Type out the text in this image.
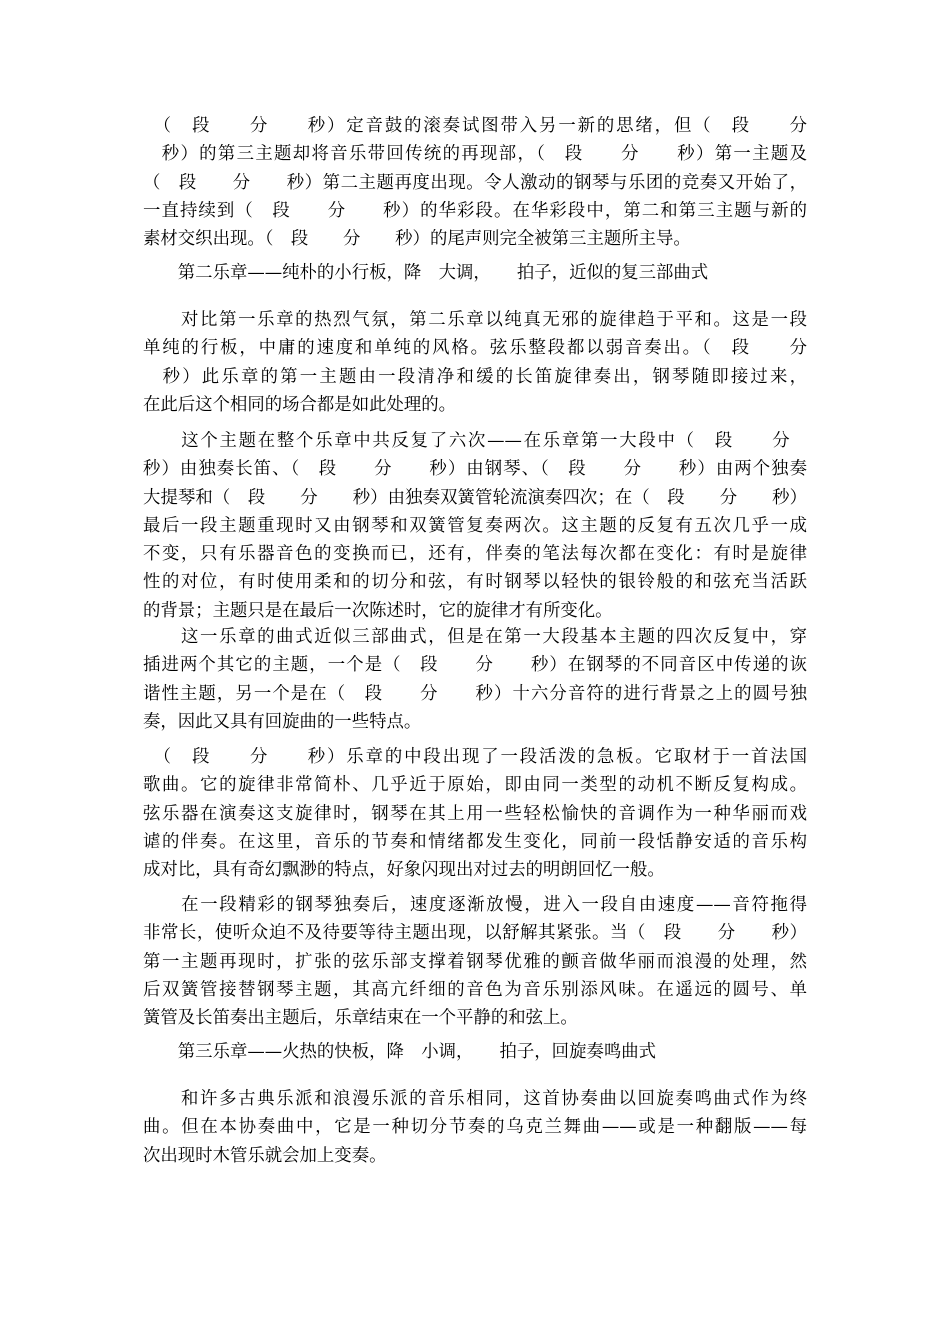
　（　段　　分　　秒）定音鼓的滚奏试图带入另一新的思绪，但（　段　　分
　秒）的第三主题却将音乐带回传统的再现部，（　段　　分　　秒）第一主题及
（　段　　分　　秒）第二主题再度出现。令人激动的钢琴与乐团的竞奏又开始了，
一直持续到（　段　　分　　秒）的华彩段。在华彩段中，第二和第三主题与新的
素材交织出现。（　段　　分　　秒）的尾声则完全被第三主题所主导。
　　第二乐章——纯朴的小行板，降　大调，　　拍子，近似的复三部曲式
　　对比第一乐章的热烈气氛，第二乐章以纯真无邪的旋律趋于平和。这是一段
单纯的行板，中庸的速度和单纯的风格。弦乐整段都以弱音奏出。（　段　　分
　秒）此乐章的第一主题由一段清净和缓的长笛旋律奏出，钢琴随即接过来，
在此后这个相同的场合都是如此处理的。
　　这个主题在整个乐章中共反复了六次——在乐章第一大段中（　段　　分　
秒）由独奏长笛、（　段　　分　　秒）由钢琴、（　段　　分　　秒）由两个独奏
大提琴和（　段　　分　　秒）由独奏双簧管轮流演奏四次；在（　段　　分　　秒）
最后一段主题重现时又由钢琴和双簧管复奏两次。这主题的反复有五次几乎一成
不变，只有乐器音色的变换而已，还有，伴奏的笔法每次都在变化：有时是旋律
性的对位，有时使用柔和的切分和弦，有时钢琴以轻快的银铃般的和弦充当活跃
的背景；主题只是在最后一次陈述时，它的旋律才有所变化。
　　这一乐章的曲式近似三部曲式，但是在第一大段基本主题的四次反复中，穿
插进两个其它的主题，一个是（　段　　分　　秒）在钢琴的不同音区中传递的诙
谐性主题，另一个是在（　段　　分　　秒）十六分音符的进行背景之上的圆号独
奏，因此又具有回旋曲的一些特点。
　（　段　　分　　秒）乐章的中段出现了一段活泼的急板。它取材于一首法国
歌曲。它的旋律非常简朴、几乎近于原始，即由同一类型的动机不断反复构成。
弦乐器在演奏这支旋律时，钢琴在其上用一些轻松愉快的音调作为一种华丽而戏
谑的伴奏。在这里，音乐的节奏和情绪都发生变化，同前一段恬静安适的音乐构
成对比，具有奇幻飘渺的特点，好象闪现出对过去的明朗回忆一般。
　　在一段精彩的钢琴独奏后，速度逐渐放慢，进入一段自由速度——音符拖得
非常长，使听众迫不及待要等待主题出现，以舒解其紧张。当（　段　　分　　秒）
第一主题再现时，扩张的弦乐部支撑着钢琴优雅的颤音做华丽而浪漫的处理，然
后双簧管接替钢琴主题，其高亢纤细的音色为音乐别添风味。在遥远的圆号、单
簧管及长笛奏出主题后，乐章结束在一个平静的和弦上。
　　第三乐章——火热的快板，降　小调，　　拍子，回旋奏鸣曲式
　　和许多古典乐派和浪漫乐派的音乐相同，这首协奏曲以回旋奏鸣曲式作为终
曲。但在本协奏曲中，它是一种切分节奏的乌克兰舞曲——或是一种翻版——每
次出现时木管乐就会加上变奏。
